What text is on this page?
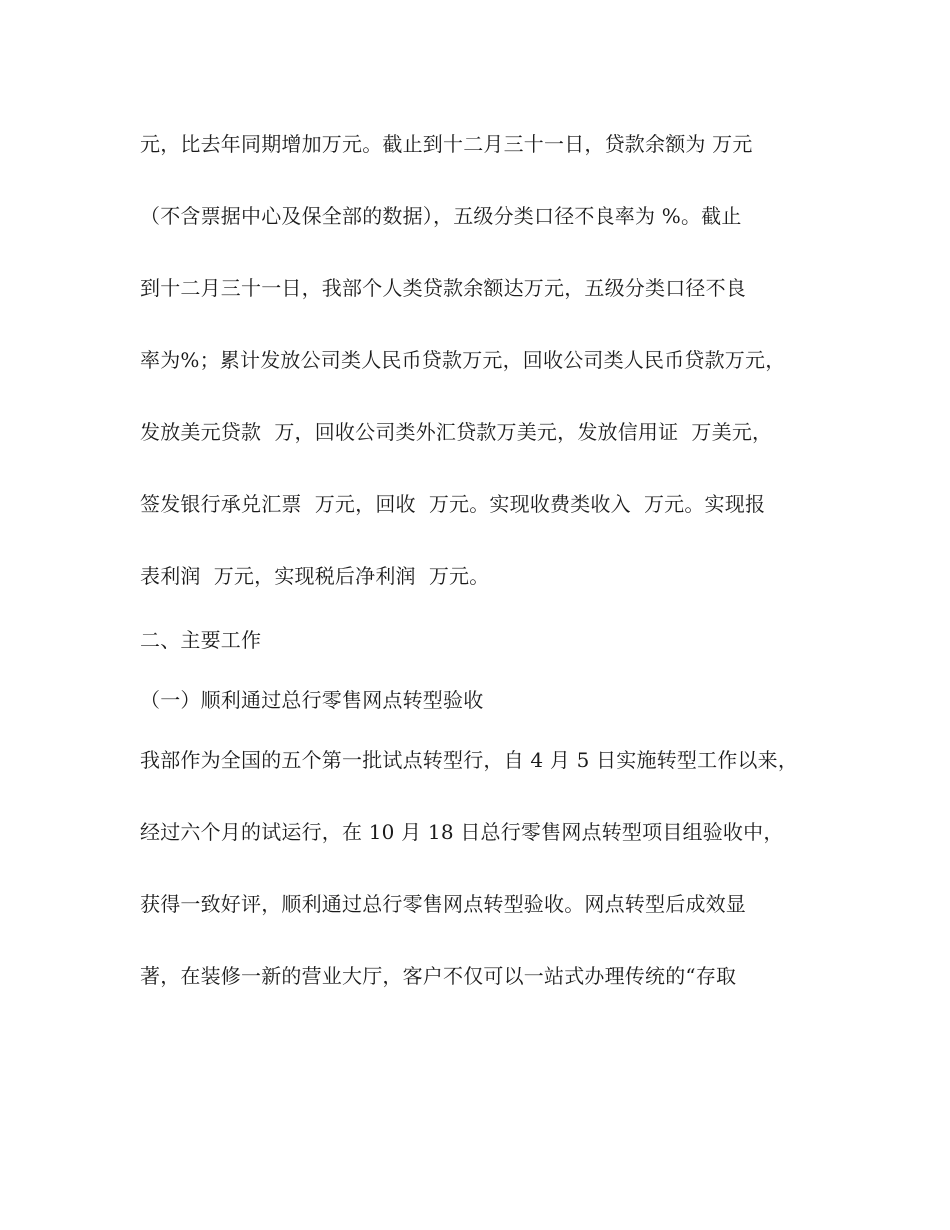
元，比去年同期增加万元。截止到十二月三十一日，贷款余额为 万元
（不含票据中心及保全部的数据），五级分类口径不良率为 %。截止
到十二月三十一日，我部个人类贷款余额达万元，五级分类口径不良
率为%；累计发放公司类人民币贷款万元，回收公司类人民币贷款万元，
发放美元贷款  万，回收公司类外汇贷款万美元，发放信用证  万美元，
签发银行承兑汇票  万元，回收  万元。实现收费类收入  万元。实现报
表利润  万元，实现税后净利润  万元。
二、主要工作
（一）顺利通过总行零售网点转型验收
我部作为全国的五个第一批试点转型行，自 4 月 5 日实施转型工作以来，
经过六个月的试运行，在 10 月 18 日总行零售网点转型项目组验收中，
获得一致好评，顺利通过总行零售网点转型验收。网点转型后成效显
著，在装修一新的营业大厅，客户不仅可以一站式办理传统的“存取
